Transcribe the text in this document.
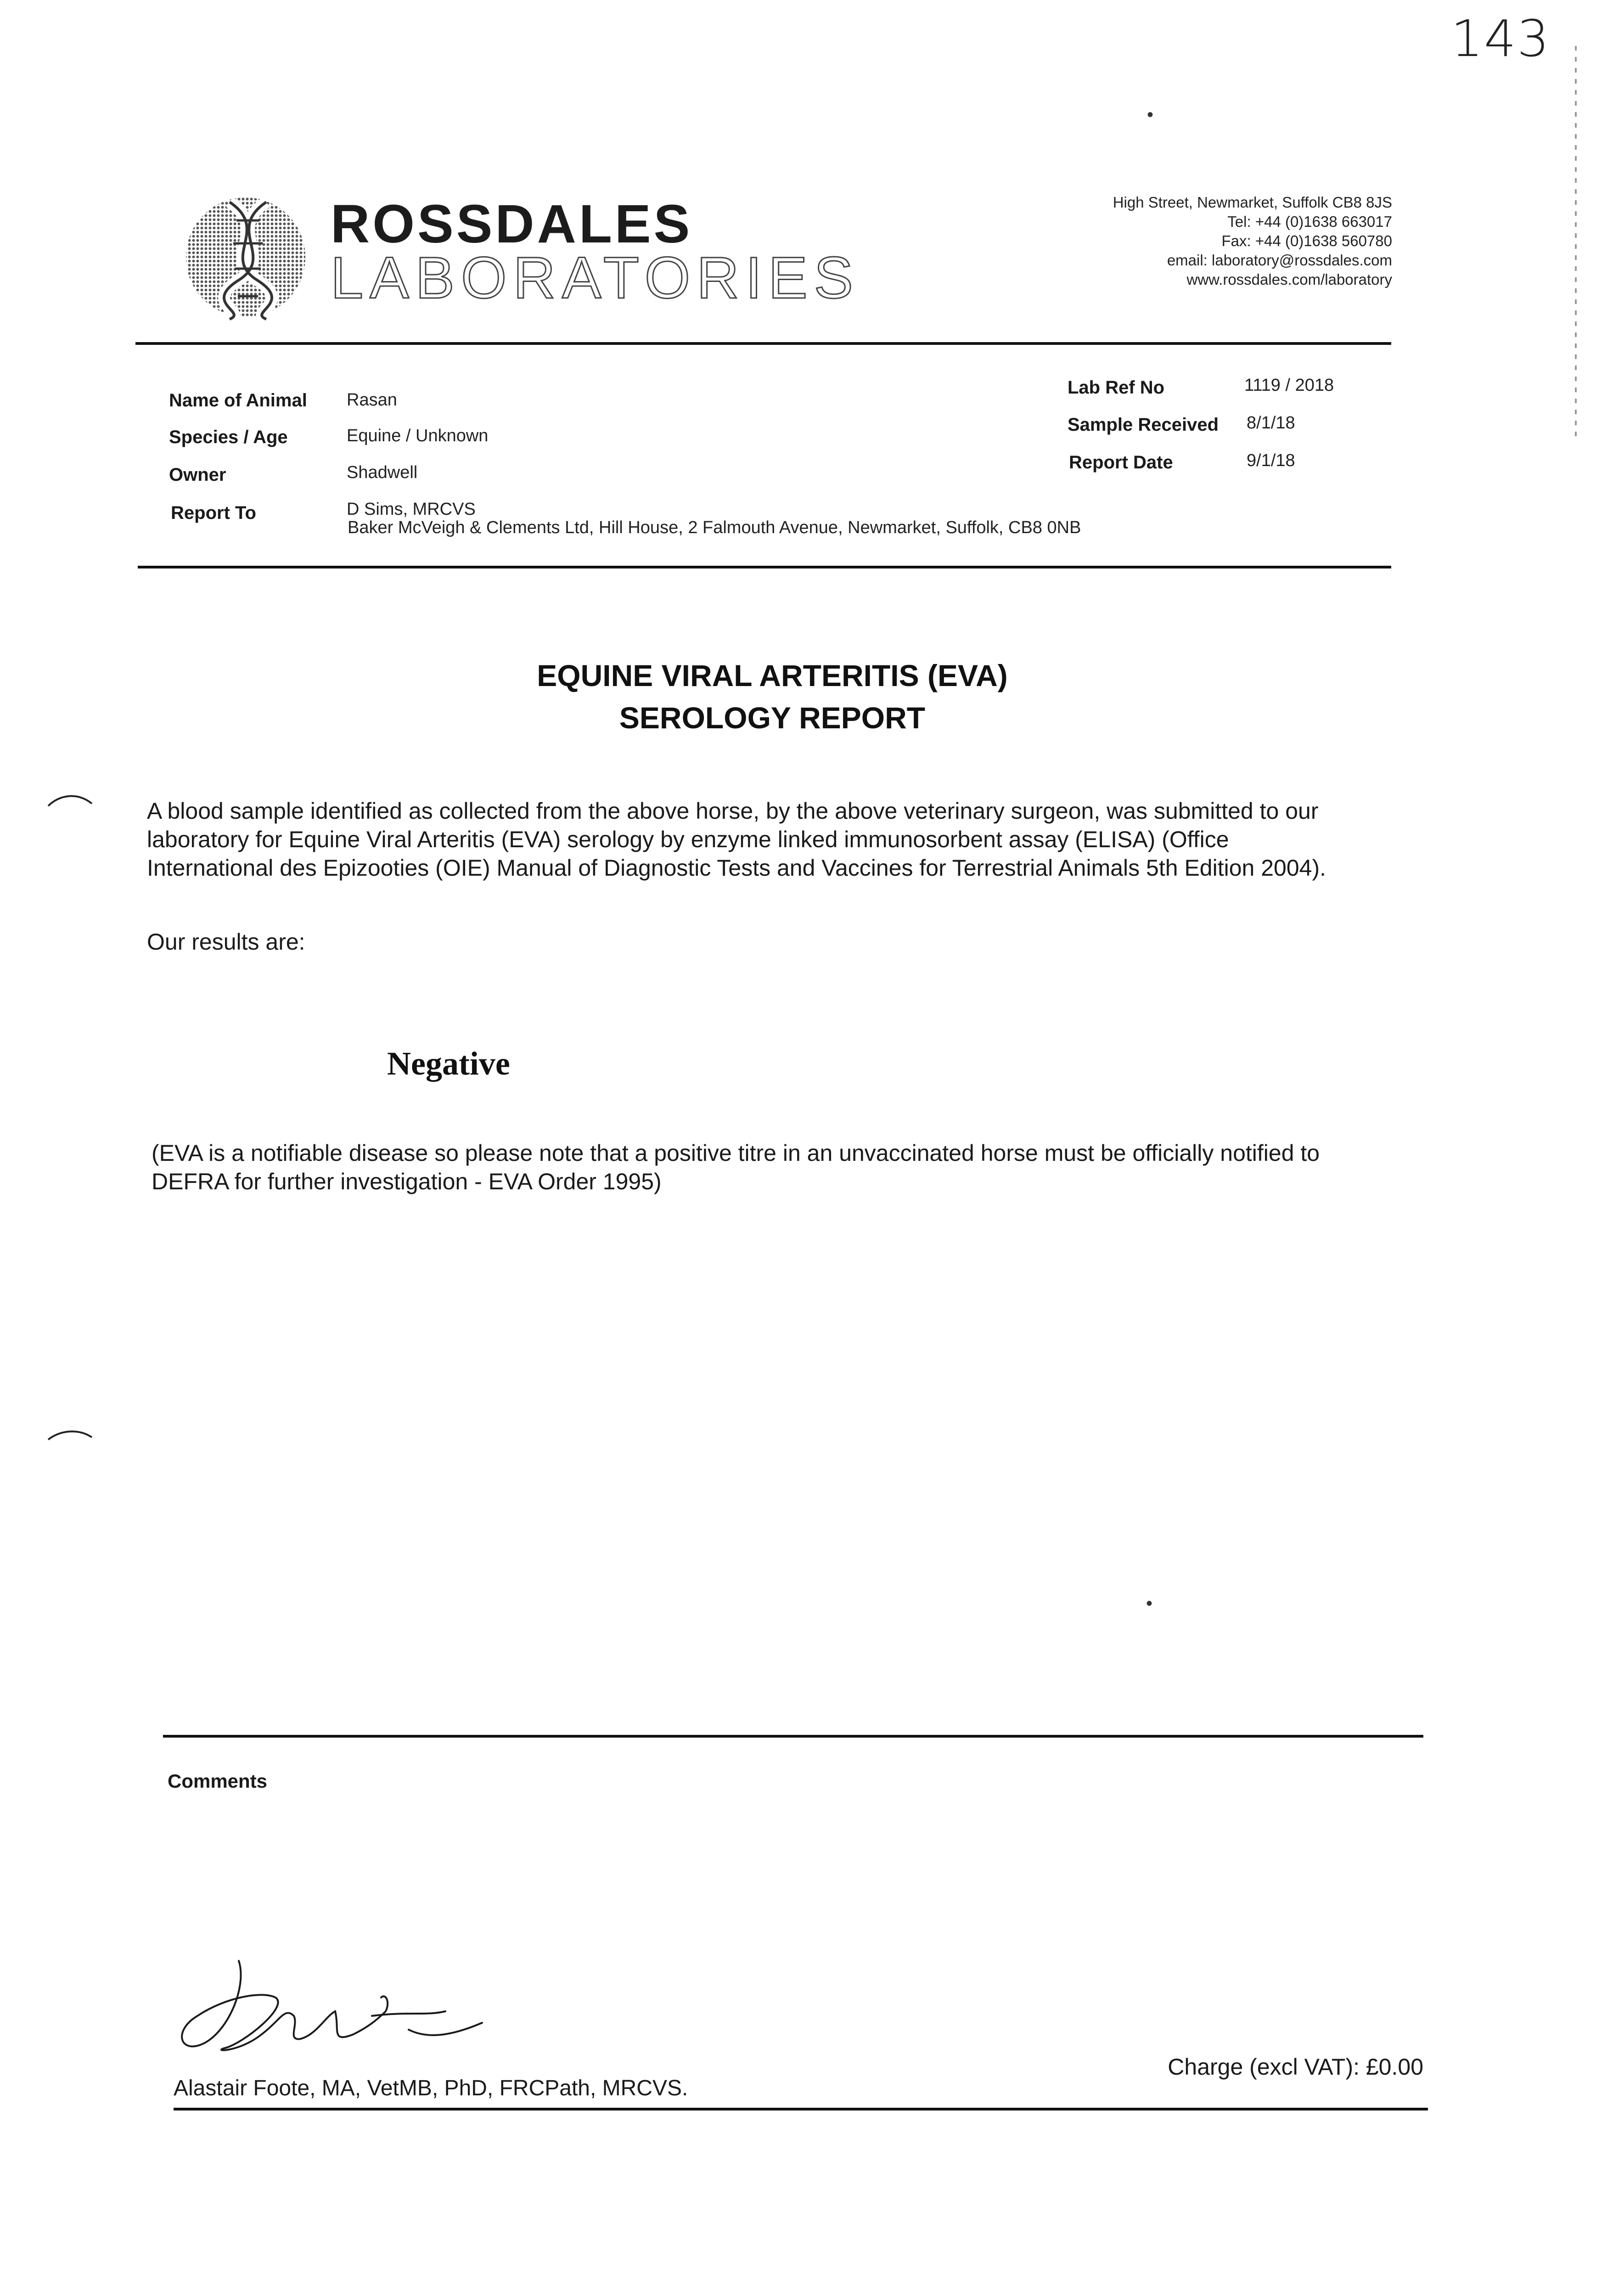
143
ROSSDALES
LABORATORIES
High Street, Newmarket, Suffolk CB8 8JS
Tel: +44 (0)1638 663017
Fax: +44 (0)1638 560780
email: laboratory@rossdales.com
www.rossdales.com/laboratory
Name of Animal Rasan
Species / Age	Equine / Unknown
Owner	Shadwell
Report To	D Sims, MRCVS
Baker McVeigh & Clements Ltd, Hill House, 2 Falmouth Avenue, Newmarket, Suffolk, CB8 0NB
Lab Ref No	1119 / 2018
Sample Received 8/1/18
Report Date	9/1/18
EQUINE VIRAL ARTERITIS (EVA)
SEROLOGY REPORT
A blood sample identified as collected from the above horse, by the above veterinary surgeon, was submitted to our
laboratory for Equine Viral Arteritis (EVA) serology by enzyme linked immunosorbent assay (ELISA) (Office
International des Epizooties (OIE) Manual of Diagnostic Tests and Vaccines for Terrestrial Animals 5th Edition 2004).
Our results are:
Negative
(EVA is a notifiable disease so please note that a positive titre in an unvaccinated horse must be officially notified to
DEFRA for further investigation - EVA Order 1995)
Comments
Alastair Foote, MA, VetMB, PhD, FRCPath, MRCVS.
Charge (excl VAT): £0.00
•
•
